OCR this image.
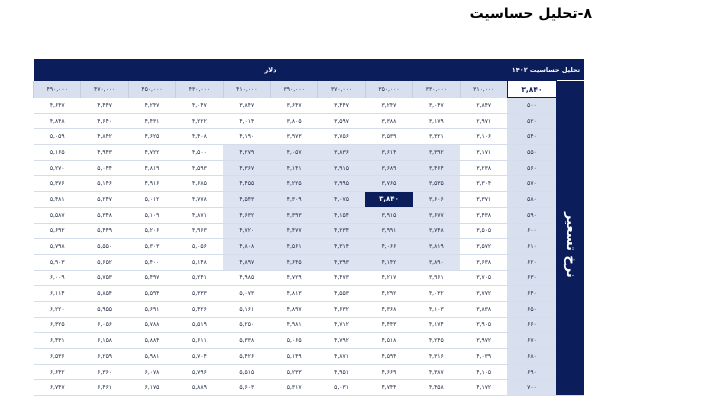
۸-تحلیل حساسیت
تحلیل حساسیت ۱۴۰۲		دلار									
	۳,۸۴۰	۳۱۰,۰۰۰	۳۳۰,۰۰۰	۳۵۰,۰۰۰	۳۷۰,۰۰۰	۳۹۰,۰۰۰	۴۱۰,۰۰۰	۴۳۰,۰۰۰	۴۵۰,۰۰۰	۴۷۰,۰۰۰	۴۹۰,۰۰۰
نرخ تسعیر	۵۰۰	۲,۸۴۷	۳,۰۴۷	۳,۲۴۷	۳,۴۴۷	۳,۶۴۷	۳,۸۴۷	۴,۰۴۷	۴,۲۴۷	۴,۴۴۷	۴,۶۴۷
	۵۲۰	۲,۹۷۱	۳,۱۷۹	۳,۳۸۸	۳,۵۹۷	۳,۸۰۵	۴,۰۱۴	۴,۲۲۲	۴,۴۳۱	۴,۶۴۰	۴,۸۴۸
	۵۴۰	۳,۱۰۶	۳,۳۲۱	۳,۵۳۹	۳,۷۵۶	۳,۹۷۳	۴,۱۹۰	۴,۴۰۸	۴,۶۲۵	۴,۸۴۲	۵,۰۵۹
	۵۵۰	۳,۱۷۱	۳,۳۹۲	۳,۶۱۴	۳,۸۳۶	۴,۰۵۷	۴,۲۷۹	۴,۵۰۰	۴,۷۲۲	۴,۹۴۳	۵,۱۶۵
	۵۶۰	۳,۲۳۸	۳,۴۶۴	۳,۶۸۹	۳,۹۱۵	۴,۱۴۱	۴,۳۶۷	۴,۵۹۳	۴,۸۱۹	۵,۰۴۴	۵,۲۷۰
	۵۷۰	۳,۳۰۴	۳,۵۳۵	۳,۷۶۵	۳,۹۹۵	۴,۲۲۵	۴,۴۵۵	۴,۶۸۵	۴,۹۱۶	۵,۱۴۶	۵,۳۷۶
	۵۸۰	۳,۳۷۱	۳,۶۰۶	۳,۸۴۰	۴,۰۷۵	۴,۳۰۹	۴,۵۴۳	۴,۷۷۸	۵,۰۱۲	۵,۲۴۷	۵,۴۸۱
	۵۹۰	۳,۴۳۸	۳,۶۷۷	۳,۹۱۵	۴,۱۵۴	۴,۳۹۳	۴,۶۳۲	۴,۸۷۱	۵,۱۰۹	۵,۳۴۸	۵,۵۸۷
	۶۰۰	۳,۵۰۵	۳,۷۴۸	۳,۹۹۱	۴,۲۳۴	۴,۴۷۷	۴,۷۲۰	۴,۹۶۳	۵,۲۰۶	۵,۴۴۹	۵,۶۹۲
	۶۱۰	۳,۵۷۲	۳,۸۱۹	۴,۰۶۶	۴,۳۱۴	۴,۵۶۱	۴,۸۰۸	۵,۰۵۶	۵,۳۰۳	۵,۵۵۰	۵,۷۹۸
	۶۲۰	۳,۶۳۸	۳,۸۹۰	۴,۱۴۲	۴,۳۹۳	۴,۶۴۵	۴,۸۹۷	۵,۱۴۸	۵,۴۰۰	۵,۶۵۲	۵,۹۰۳
	۶۳۰	۳,۷۰۵	۳,۹۶۱	۴,۲۱۷	۴,۴۷۳	۴,۷۲۹	۴,۹۸۵	۵,۲۴۱	۵,۴۹۷	۵,۷۵۳	۶,۰۰۹
	۶۴۰	۳,۷۷۲	۴,۰۳۲	۴,۲۹۲	۴,۵۵۳	۴,۸۱۳	۵,۰۷۳	۵,۳۳۳	۵,۵۹۴	۵,۸۵۴	۶,۱۱۴
	۶۵۰	۳,۸۳۸	۴,۱۰۳	۴,۳۶۸	۴,۶۳۲	۴,۸۹۷	۵,۱۶۱	۵,۴۲۶	۵,۶۹۱	۵,۹۵۵	۶,۲۲۰
	۶۶۰	۳,۹۰۵	۴,۱۷۴	۴,۴۴۳	۴,۷۱۲	۴,۹۸۱	۵,۲۵۰	۵,۵۱۹	۵,۷۸۸	۶,۰۵۶	۶,۳۲۵
	۶۷۰	۳,۹۷۲	۴,۲۴۵	۴,۵۱۸	۴,۷۹۲	۵,۰۶۵	۵,۳۳۸	۵,۶۱۱	۵,۸۸۴	۶,۱۵۸	۶,۴۳۱
	۶۸۰	۴,۰۳۹	۴,۳۱۶	۴,۵۹۴	۴,۸۷۱	۵,۱۴۹	۵,۴۲۶	۵,۷۰۴	۵,۹۸۱	۶,۲۵۹	۶,۵۳۶
	۶۹۰	۴,۱۰۵	۴,۳۸۷	۴,۶۶۹	۴,۹۵۱	۵,۲۳۳	۵,۵۱۵	۵,۷۹۶	۶,۰۷۸	۶,۳۶۰	۶,۶۴۲
	۷۰۰	۴,۱۷۲	۴,۴۵۸	۴,۷۴۴	۵,۰۳۱	۵,۳۱۷	۵,۶۰۳	۵,۸۸۹	۶,۱۷۵	۶,۴۶۱	۶,۷۴۷
